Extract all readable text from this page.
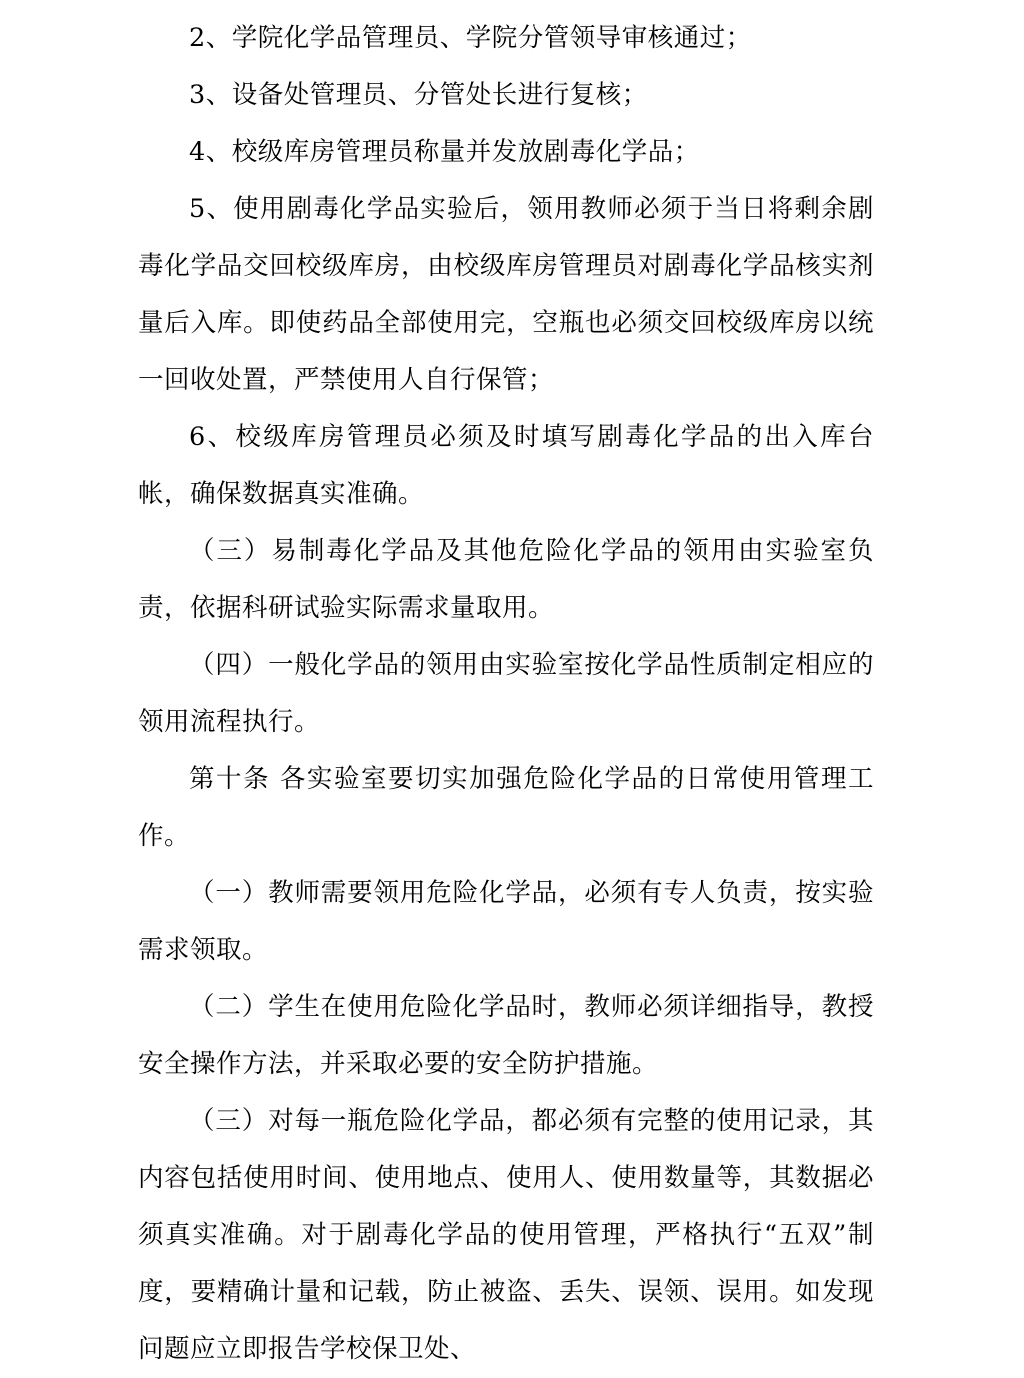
2、学院化学品管理员、学院分管领导审核通过；

3、设备处管理员、分管处长进行复核；

4、校级库房管理员称量并发放剧毒化学品；

5、使用剧毒化学品实验后，领用教师必须于当日将剩余剧毒化学品交回校级库房，由校级库房管理员对剧毒化学品核实剂量后入库。即使药品全部使用完，空瓶也必须交回校级库房以统一回收处置，严禁使用人自行保管；

6、校级库房管理员必须及时填写剧毒化学品的出入库台帐，确保数据真实准确。

（三）易制毒化学品及其他危险化学品的领用由实验室负责，依据科研试验实际需求量取用。

（四）一般化学品的领用由实验室按化学品性质制定相应的领用流程执行。

第十条 各实验室要切实加强危险化学品的日常使用管理工作。

（一）教师需要领用危险化学品，必须有专人负责，按实验需求领取。

（二）学生在使用危险化学品时，教师必须详细指导，教授安全操作方法，并采取必要的安全防护措施。

（三）对每一瓶危险化学品，都必须有完整的使用记录，其内容包括使用时间、使用地点、使用人、使用数量等，其数据必须真实准确。对于剧毒化学品的使用管理，严格执行“五双”制度，要精确计量和记载，防止被盗、丢失、误领、误用。如发现问题应立即报告学校保卫处、
